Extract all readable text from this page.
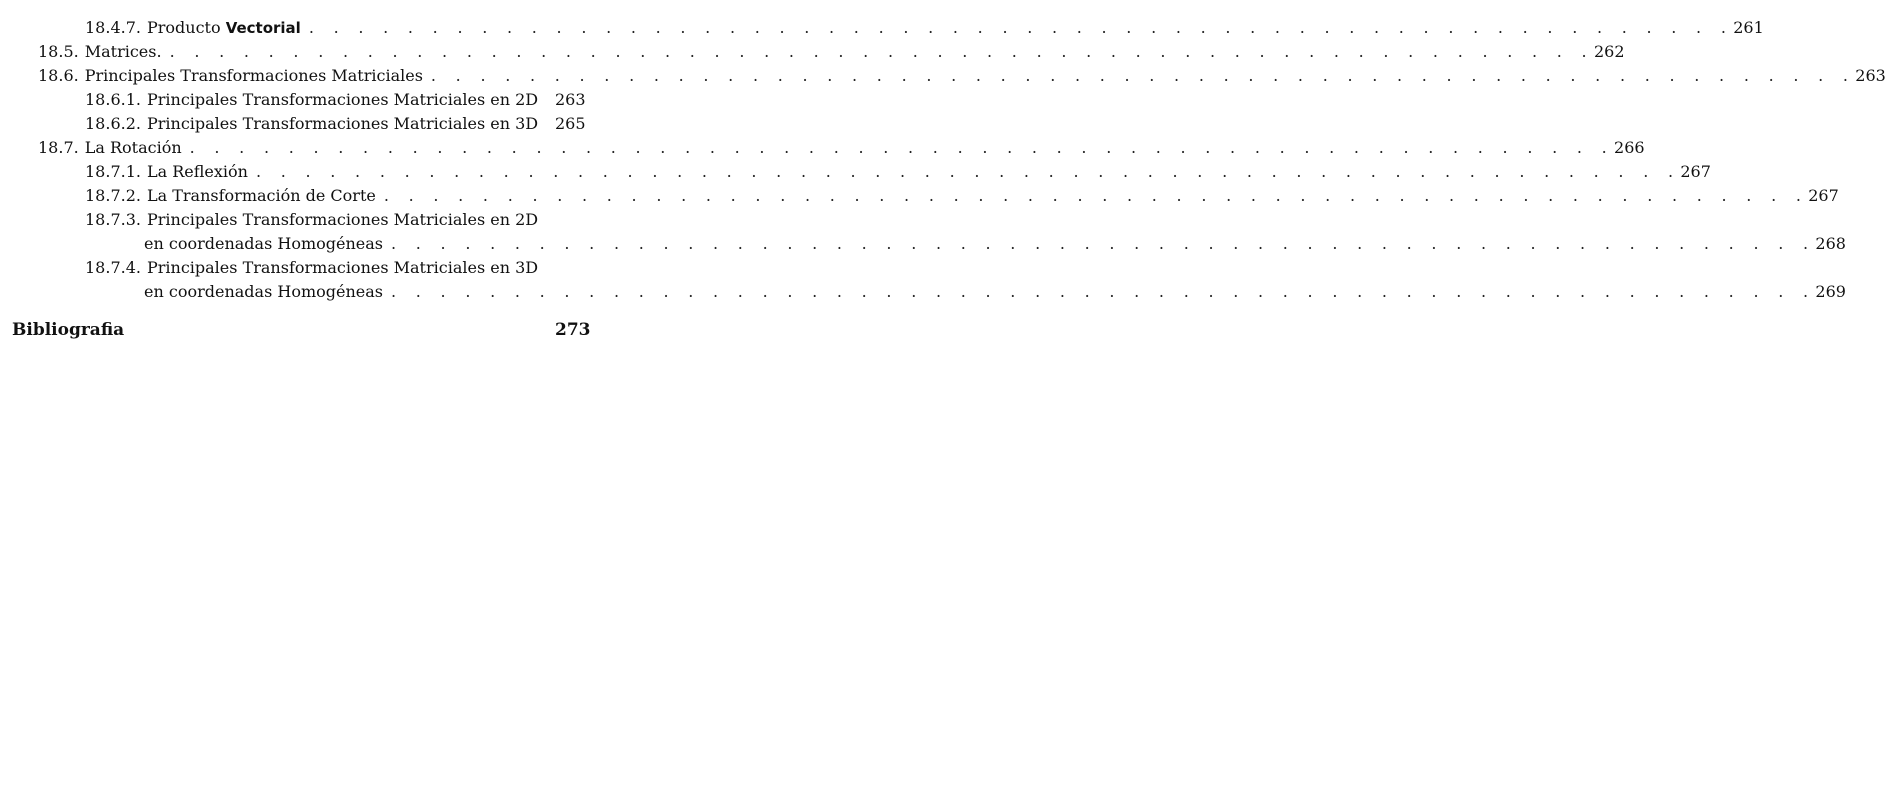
18.4.7. Producto Vectorial . . . . . . . . . . . . . . . . . . . . . . . . . . . . . . . . . . . . . . . . . . . . . . . . . . . . . . . . . . 261
18.5. Matrices. . . . . . . . . . . . . . . . . . . . . . . . . . . . . . . . . . . . . . . . . . . . . . . . . . . . . . . . . . . 262
18.6. Principales Transformaciones Matriciales . . . . . . . . . . . . . . . . . . . . . . . . . . . . . . . . . . . . . . . . . . . . . . . . . . . . . . . . . . 263
18.6.1. Principales Transformaciones Matriciales en 2D 263
18.6.2. Principales Transformaciones Matriciales en 3D 265
18.7. La Rotación . . . . . . . . . . . . . . . . . . . . . . . . . . . . . . . . . . . . . . . . . . . . . . . . . . . . . . . . . . 266
18.7.1. La Reflexión . . . . . . . . . . . . . . . . . . . . . . . . . . . . . . . . . . . . . . . . . . . . . . . . . . . . . . . . . . 267
18.7.2. La Transformación de Corte . . . . . . . . . . . . . . . . . . . . . . . . . . . . . . . . . . . . . . . . . . . . . . . . . . . . . . . . . . 267
18.7.3. Principales Transformaciones Matriciales en 2D
en coordenadas Homogéneas . . . . . . . . . . . . . . . . . . . . . . . . . . . . . . . . . . . . . . . . . . . . . . . . . . . . . . . . . . 268
18.7.4. Principales Transformaciones Matriciales en 3D
en coordenadas Homogéneas . . . . . . . . . . . . . . . . . . . . . . . . . . . . . . . . . . . . . . . . . . . . . . . . . . . . . . . . . . 269
Bibliografia	273
